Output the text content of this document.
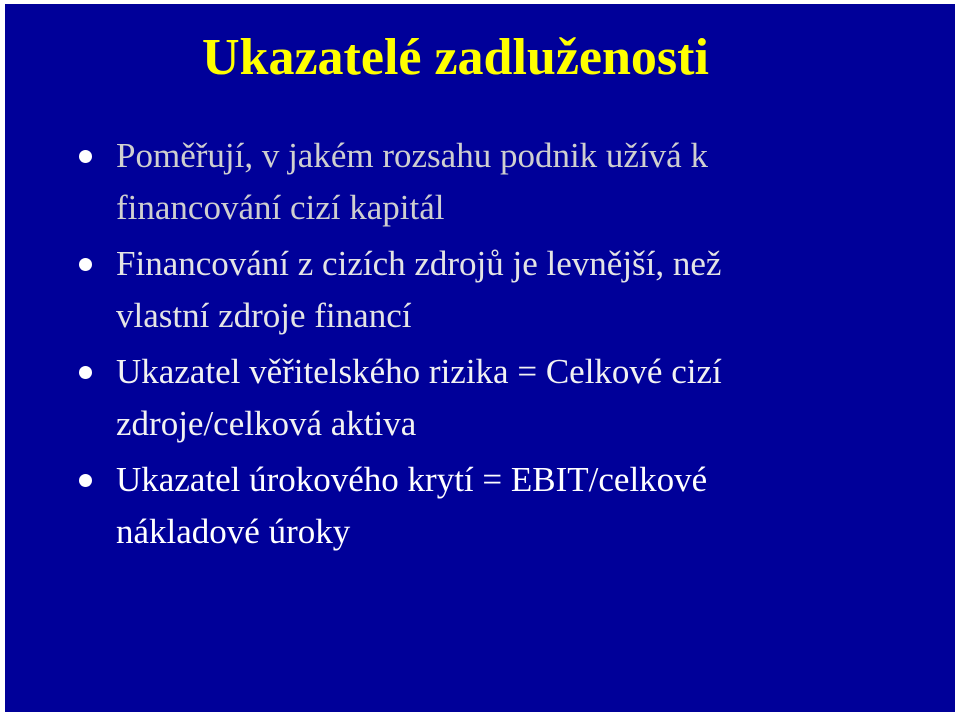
Ukazatelé zadluženosti
Poměřují, v jakém rozsahu podnik užívá k
financování cizí kapitál
Financování z cizích zdrojů je levnější, než
vlastní zdroje financí
Ukazatel věřitelského rizika = Celkové cizí
zdroje/celková aktiva
Ukazatel úrokového krytí = EBIT/celkové
nákladové úroky
